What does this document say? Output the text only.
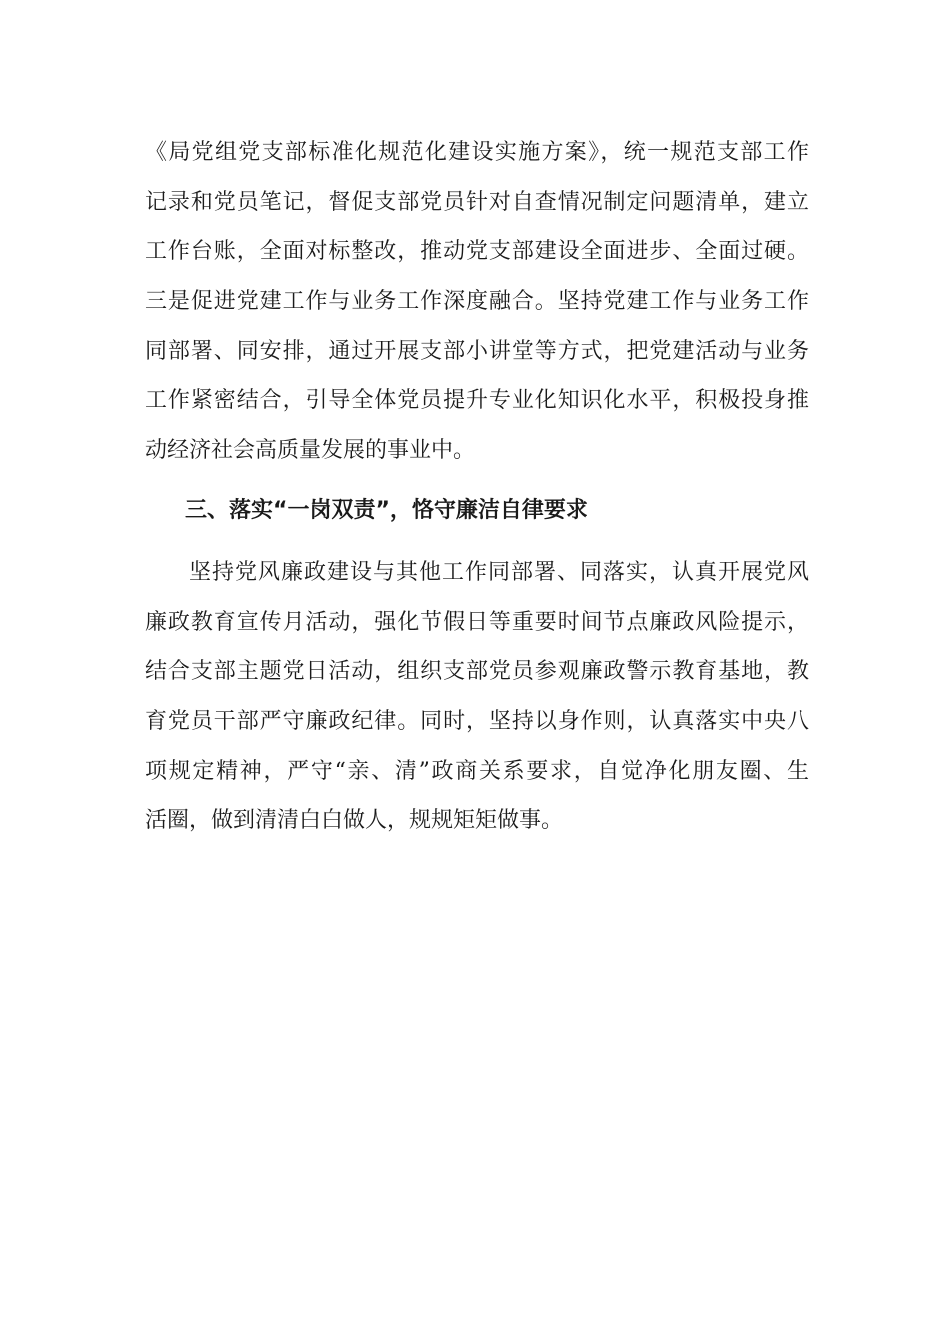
《局党组党支部标准化规范化建设实施方案》，统一规范支部工作
记录和党员笔记，督促支部党员针对自查情况制定问题清单，建立
工作台账，全面对标整改，推动党支部建设全面进步、全面过硬。
三是促进党建工作与业务工作深度融合。坚持党建工作与业务工作
同部署、同安排，通过开展支部小讲堂等方式，把党建活动与业务
工作紧密结合，引导全体党员提升专业化知识化水平，积极投身推
动经济社会高质量发展的事业中。
三、落实“一岗双责”，恪守廉洁自律要求
坚持党风廉政建设与其他工作同部署、同落实，认真开展党风
廉政教育宣传月活动，强化节假日等重要时间节点廉政风险提示，
结合支部主题党日活动，组织支部党员参观廉政警示教育基地，教
育党员干部严守廉政纪律。同时，坚持以身作则，认真落实中央八
项规定精神，严守“亲、清”政商关系要求，自觉净化朋友圈、生
活圈，做到清清白白做人，规规矩矩做事。
